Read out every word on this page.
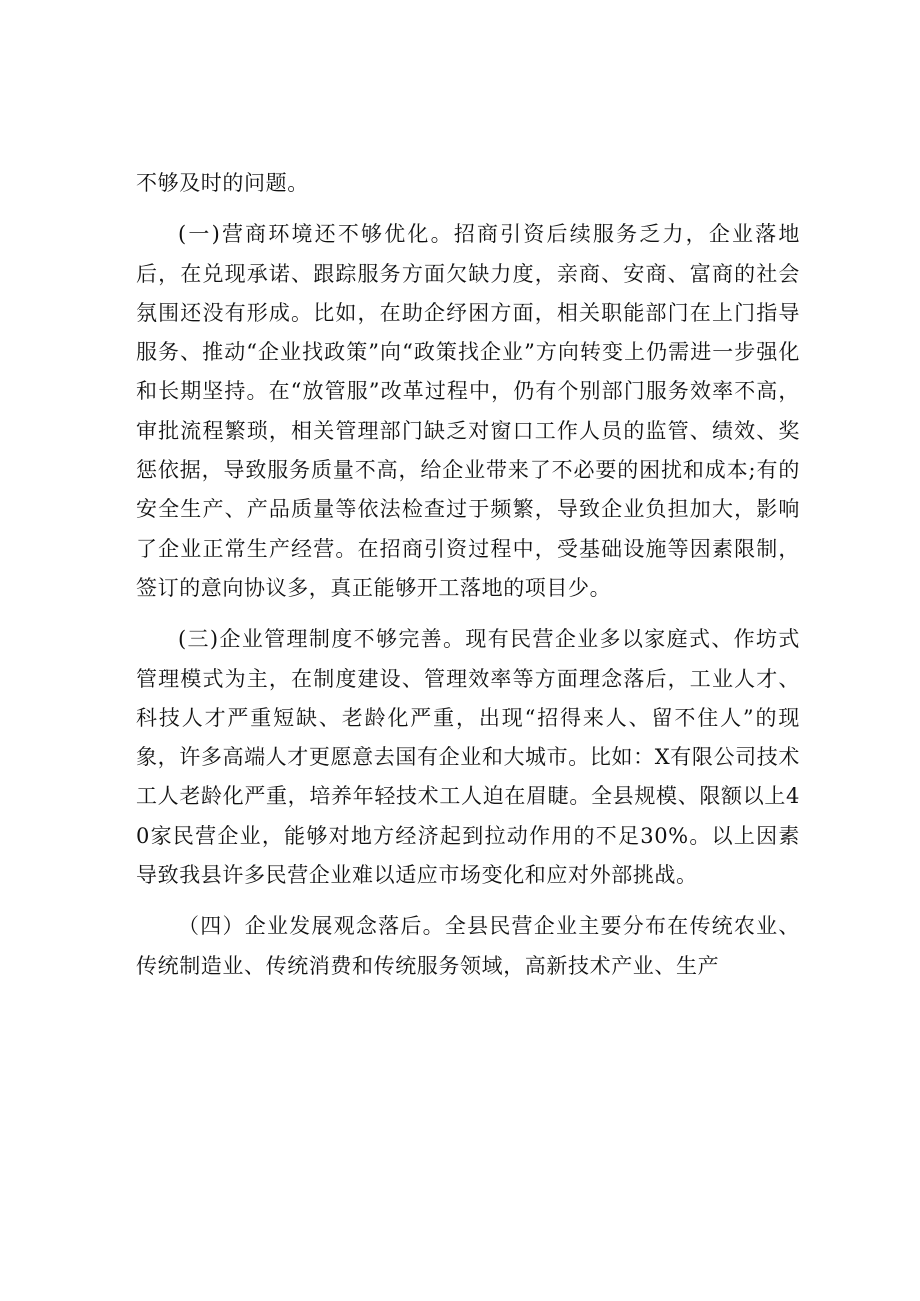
不够及时的问题。

(一)营商环境还不够优化。招商引资后续服务乏力，企业落地后，在兑现承诺、跟踪服务方面欠缺力度，亲商、安商、富商的社会氛围还没有形成。比如，在助企纾困方面，相关职能部门在上门指导服务、推动“企业找政策”向“政策找企业”方向转变上仍需进一步强化和长期坚持。在“放管服”改革过程中，仍有个别部门服务效率不高，审批流程繁琐，相关管理部门缺乏对窗口工作人员的监管、绩效、奖惩依据，导致服务质量不高，给企业带来了不必要的困扰和成本;有的安全生产、产品质量等依法检查过于频繁，导致企业负担加大，影响了企业正常生产经营。在招商引资过程中，受基础设施等因素限制，签订的意向协议多，真正能够开工落地的项目少。

(三)企业管理制度不够完善。现有民营企业多以家庭式、作坊式管理模式为主，在制度建设、管理效率等方面理念落后，工业人才、科技人才严重短缺、老龄化严重，出现“招得来人、留不住人”的现象，许多高端人才更愿意去国有企业和大城市。比如：X有限公司技术工人老龄化严重，培养年轻技术工人迫在眉睫。全县规模、限额以上40家民营企业，能够对地方经济起到拉动作用的不足30%。以上因素导致我县许多民营企业难以适应市场变化和应对外部挑战。

（四）企业发展观念落后。全县民营企业主要分布在传统农业、传统制造业、传统消费和传统服务领域，高新技术产业、生产
